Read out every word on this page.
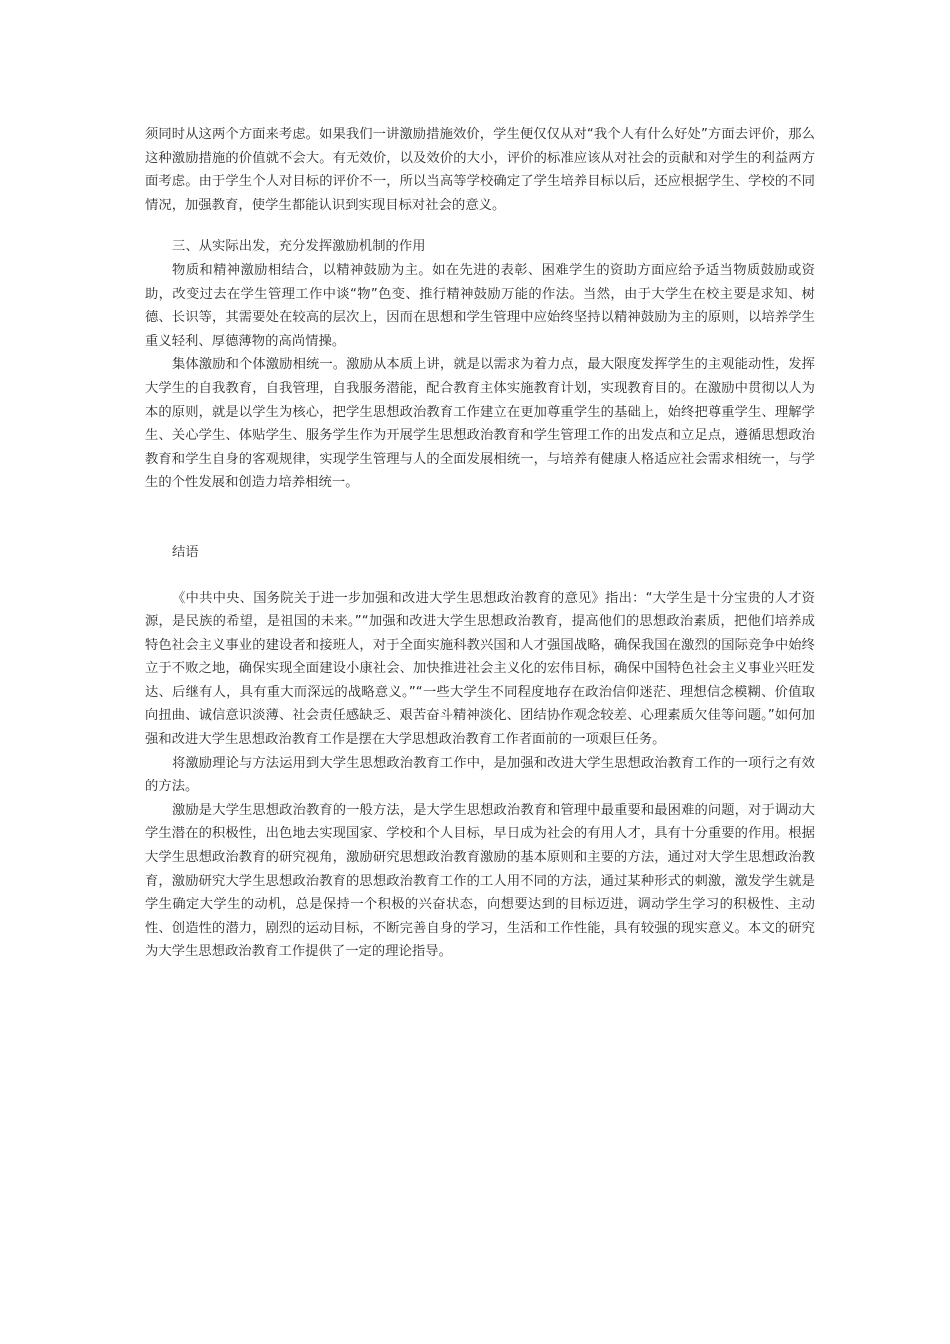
须同时从这两个方面来考虑。如果我们一讲激励措施效价，学生便仅仅从对“我个人有什么好处”方面去评价，那么这种激励措施的价值就不会大。有无效价，以及效价的大小，评价的标准应该从对社会的贡献和对学生的利益两方面考虑。由于学生个人对目标的评价不一，所以当高等学校确定了学生培养目标以后，还应根据学生、学校的不同情况，加强教育，使学生都能认识到实现目标对社会的意义。

三、从实际出发，充分发挥激励机制的作用

物质和精神激励相结合，以精神鼓励为主。如在先进的表彰、困难学生的资助方面应给予适当物质鼓励或资助，改变过去在学生管理工作中谈“物”色变、推行精神鼓励万能的作法。当然，由于大学生在校主要是求知、树德、长识等，其需要处在较高的层次上，因而在思想和学生管理中应始终坚持以精神鼓励为主的原则，以培养学生重义轻利、厚德薄物的高尚情操。

集体激励和个体激励相统一。激励从本质上讲，就是以需求为着力点，最大限度发挥学生的主观能动性，发挥大学生的自我教育，自我管理，自我服务潜能，配合教育主体实施教育计划，实现教育目的。在激励中贯彻以人为本的原则，就是以学生为核心，把学生思想政治教育工作建立在更加尊重学生的基础上，始终把尊重学生、理解学生、关心学生、体贴学生、服务学生作为开展学生思想政治教育和学生管理工作的出发点和立足点，遵循思想政治教育和学生自身的客观规律，实现学生管理与人的全面发展相统一，与培养有健康人格适应社会需求相统一，与学生的个性发展和创造力培养相统一。

结语

《中共中央、国务院关于进一步加强和改进大学生思想政治教育的意见》指出：“大学生是十分宝贵的人才资源，是民族的希望，是祖国的未来。”“加强和改进大学生思想政治教育，提高他们的思想政治素质，把他们培养成特色社会主义事业的建设者和接班人，对于全面实施科教兴国和人才强国战略，确保我国在激烈的国际竞争中始终立于不败之地，确保实现全面建设小康社会、加快推进社会主义化的宏伟目标，确保中国特色社会主义事业兴旺发达、后继有人，具有重大而深远的战略意义。”“一些大学生不同程度地存在政治信仰迷茫、理想信念模糊、价值取向扭曲、诚信意识淡薄、社会责任感缺乏、艰苦奋斗精神淡化、团结协作观念较差、心理素质欠佳等问题。”如何加强和改进大学生思想政治教育工作是摆在大学思想政治教育工作者面前的一项艰巨任务。

将激励理论与方法运用到大学生思想政治教育工作中，是加强和改进大学生思想政治教育工作的一项行之有效的方法。

激励是大学生思想政治教育的一般方法，是大学生思想政治教育和管理中最重要和最困难的问题，对于调动大学生潜在的积极性，出色地去实现国家、学校和个人目标，早日成为社会的有用人才，具有十分重要的作用。根据大学生思想政治教育的研究视角，激励研究思想政治教育激励的基本原则和主要的方法，通过对大学生思想政治教育，激励研究大学生思想政治教育的思想政治教育工作的工人用不同的方法，通过某种形式的刺激，激发学生就是学生确定大学生的动机，总是保持一个积极的兴奋状态，向想要达到的目标迈进，调动学生学习的积极性、主动性、创造性的潜力，剧烈的运动目标，不断完善自身的学习，生活和工作性能，具有较强的现实意义。本文的研究为大学生思想政治教育工作提供了一定的理论指导。
